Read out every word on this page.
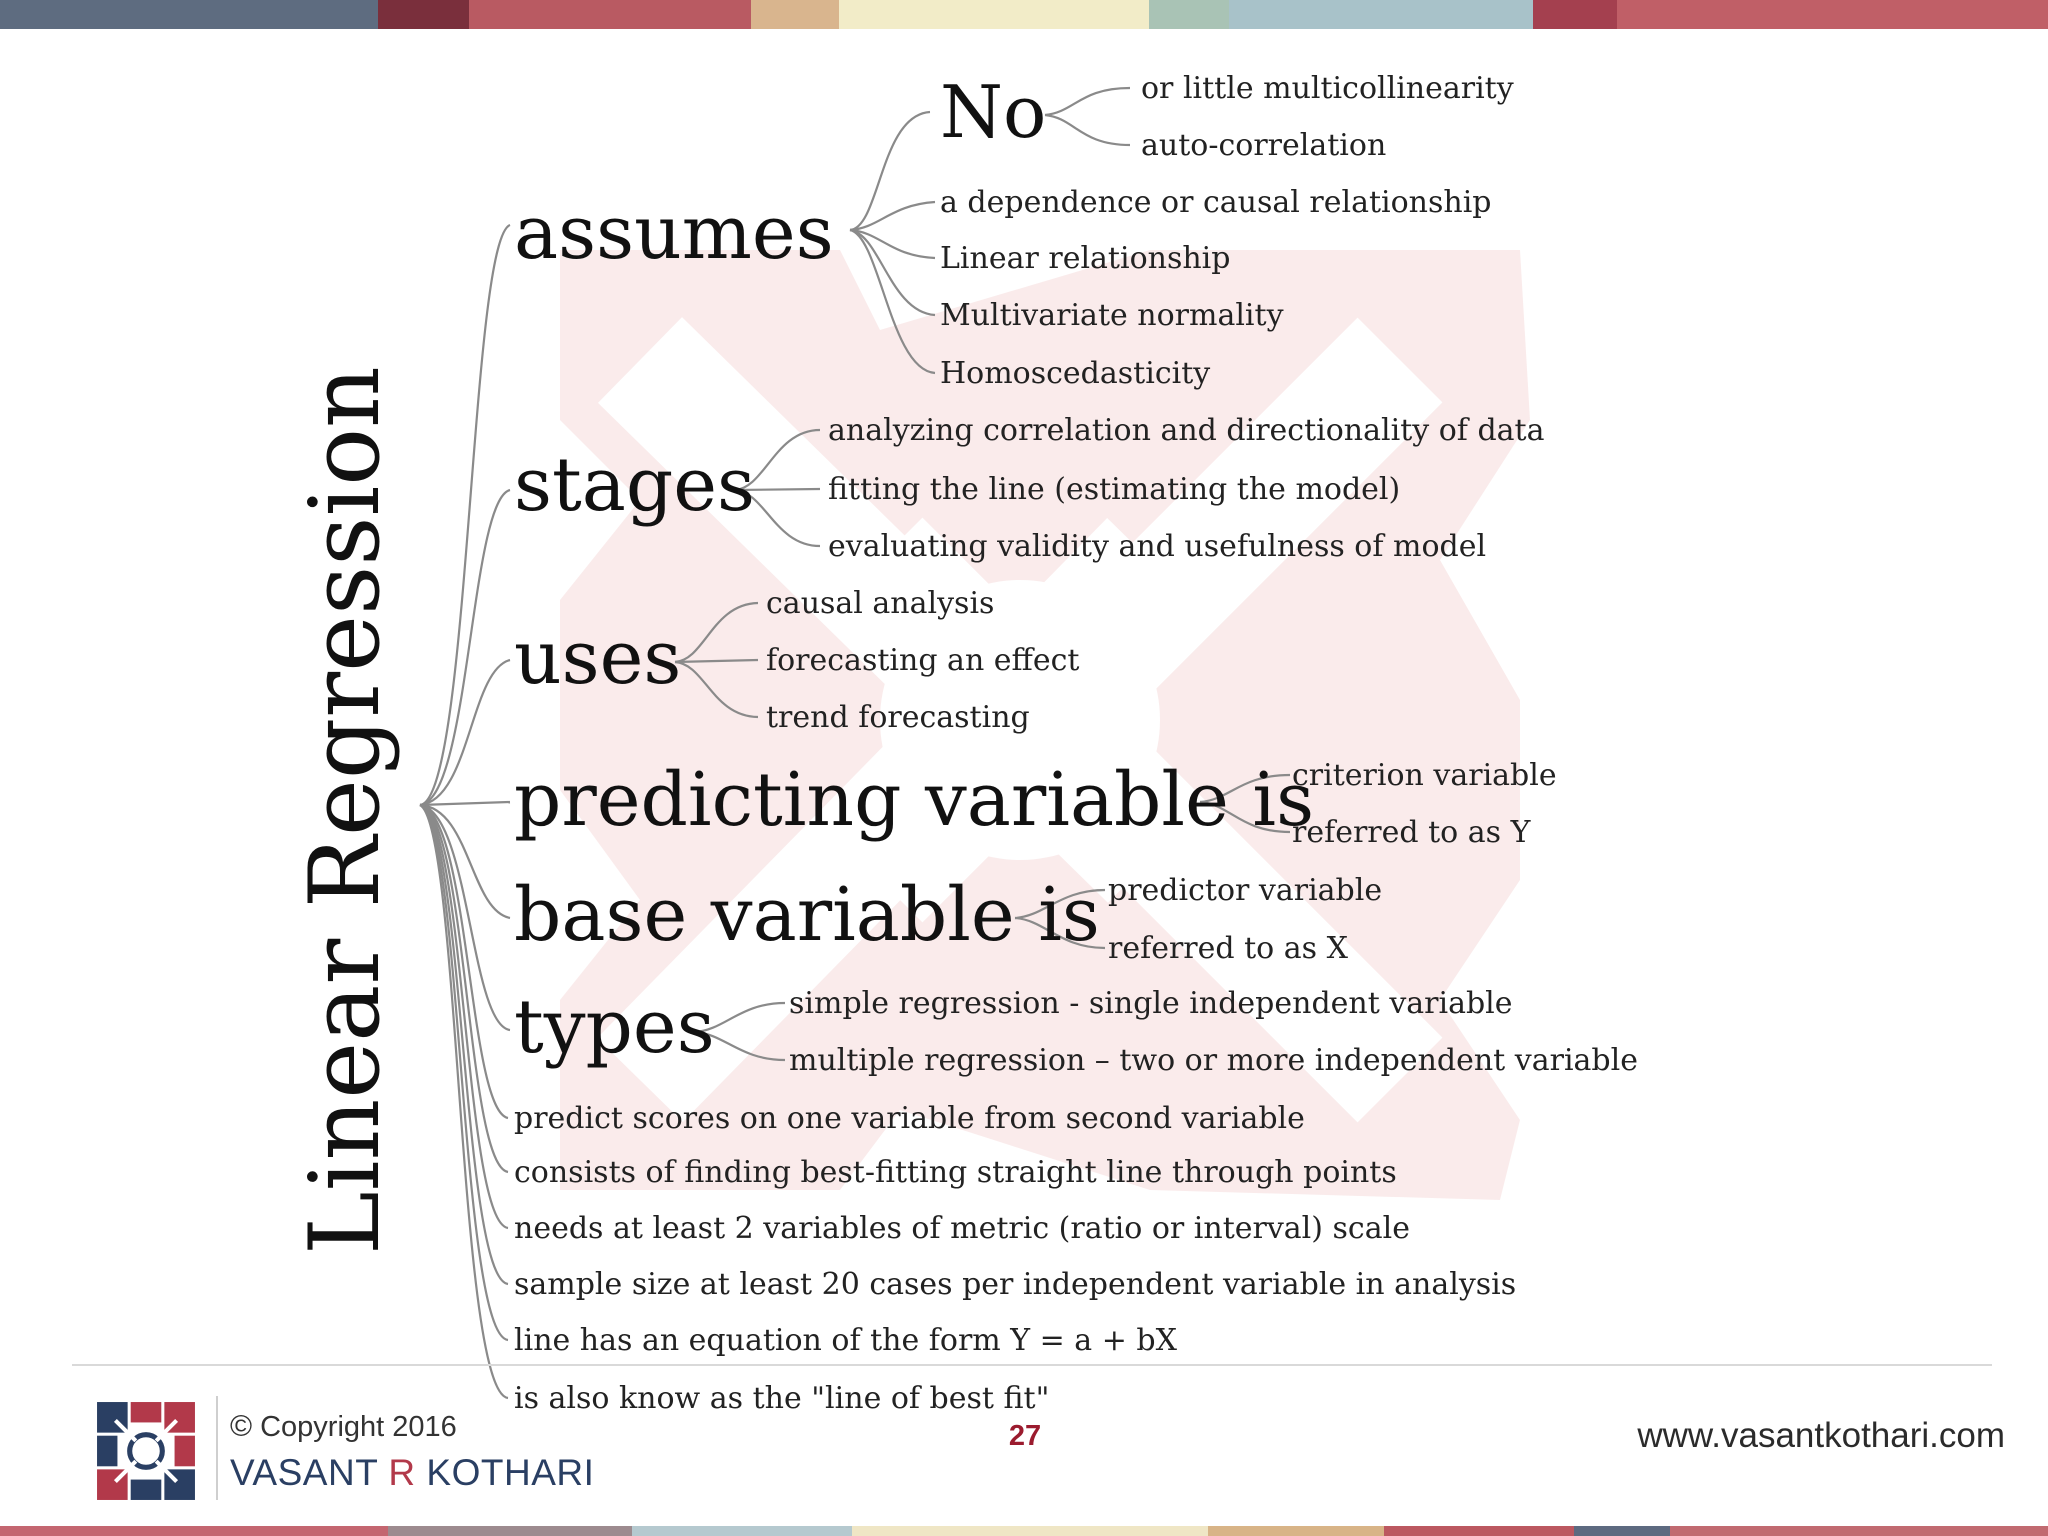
Linear Regression
assumes
stages
uses
predicting variable is
base variable is
types
No	or little multicollinearity
auto-correlation
a dependence or causal relationship
Linear relationship
Multivariate normality
Homoscedasticity
analyzing correlation and directionality of data
fitting the line (estimating the model)
evaluating validity and usefulness of model
causal analysis
forecasting an effect
trend forecasting
criterion variable
referred to as Y
predictor variable
referred to as X
simple regression - single independent variable
multiple regression – two or more independent variable
predict scores on one variable from second variable
consists of finding best-fitting straight line through points
needs at least 2 variables of metric (ratio or interval) scale
sample size at least 20 cases per independent variable in analysis
line has an equation of the form Y = a + bX
is also know as the "line of best fit"
© Copyright 2016
VASANT R KOTHARI
27	www.vasantkothari.com
